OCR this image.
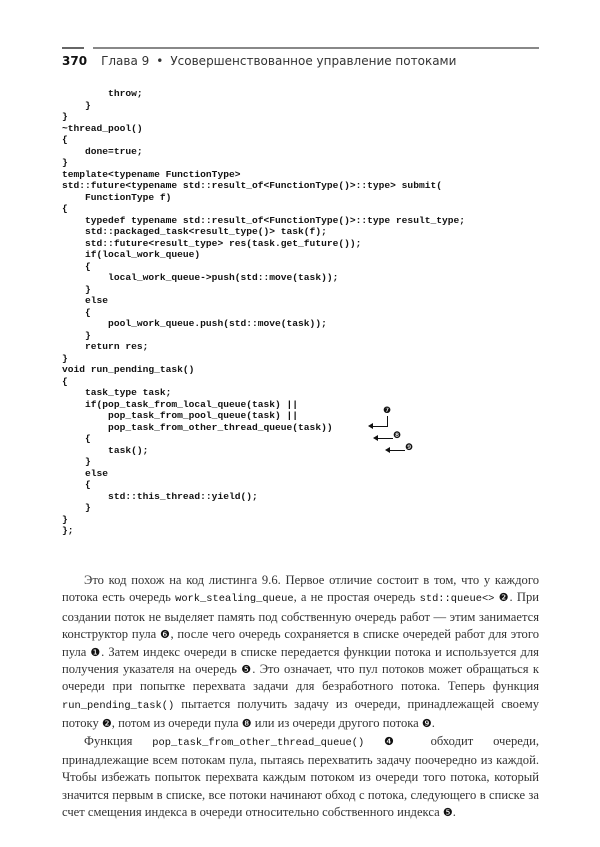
370 Глава 9 • Усовершенствованное управление потоками
throw;
}
}
~thread_pool()
{
done=true;
}
template<typename FunctionType>
std::future<typename std::result_of<FunctionType()>::type> submit(
FunctionType f)
{
typedef typename std::result_of<FunctionType()>::type result_type;
std::packaged_task<result_type()> task(f);
std::future<result_type> res(task.get_future());
if(local_work_queue)
{
local_work_queue->push(std::move(task));
}
else
{
pool_work_queue.push(std::move(task));
}
return res;
}
void run_pending_task()
{
task_type task;
if(pop_task_from_local_queue(task) ||
pop_task_from_pool_queue(task) ||
pop_task_from_other_thread_queue(task))
{
task();
}
else
{
std::this_thread::yield();
}
}
};
❼
❽
❾

Это код похож на код листинга 9.6. Первое отличие состоит в том, что у каждого потока есть очередь work_stealing_queue, а не простая очередь std::queue<> ❷. При создании поток не выделяет память под собственную очередь работ — этим занимается конструктор пула ❻, после чего очередь сохраняется в списке очередей работ для этого пула ❶. Затем индекс очереди в списке передается функции потока и используется для получения указателя на очередь ❺. Это означает, что пул потоков может обращаться к очереди при попытке перехвата задачи для безработного потока. Теперь функция run_pending_task() пытается получить задачу из очереди, принадлежащей своему потоку ❷, потом из очереди пула ❽ или из очереди другого потока ❾.

Функция pop_task_from_other_thread_queue() ❹ обходит очереди, принадлежащие всем потокам пула, пытаясь перехватить задачу поочередно из каждой. Чтобы избежать попыток перехвата каждым потоком из очереди того потока, который значится первым в списке, все потоки начинают обход с потока, следующего в списке за счет смещения индекса в очереди относительно собственного индекса ❺.
